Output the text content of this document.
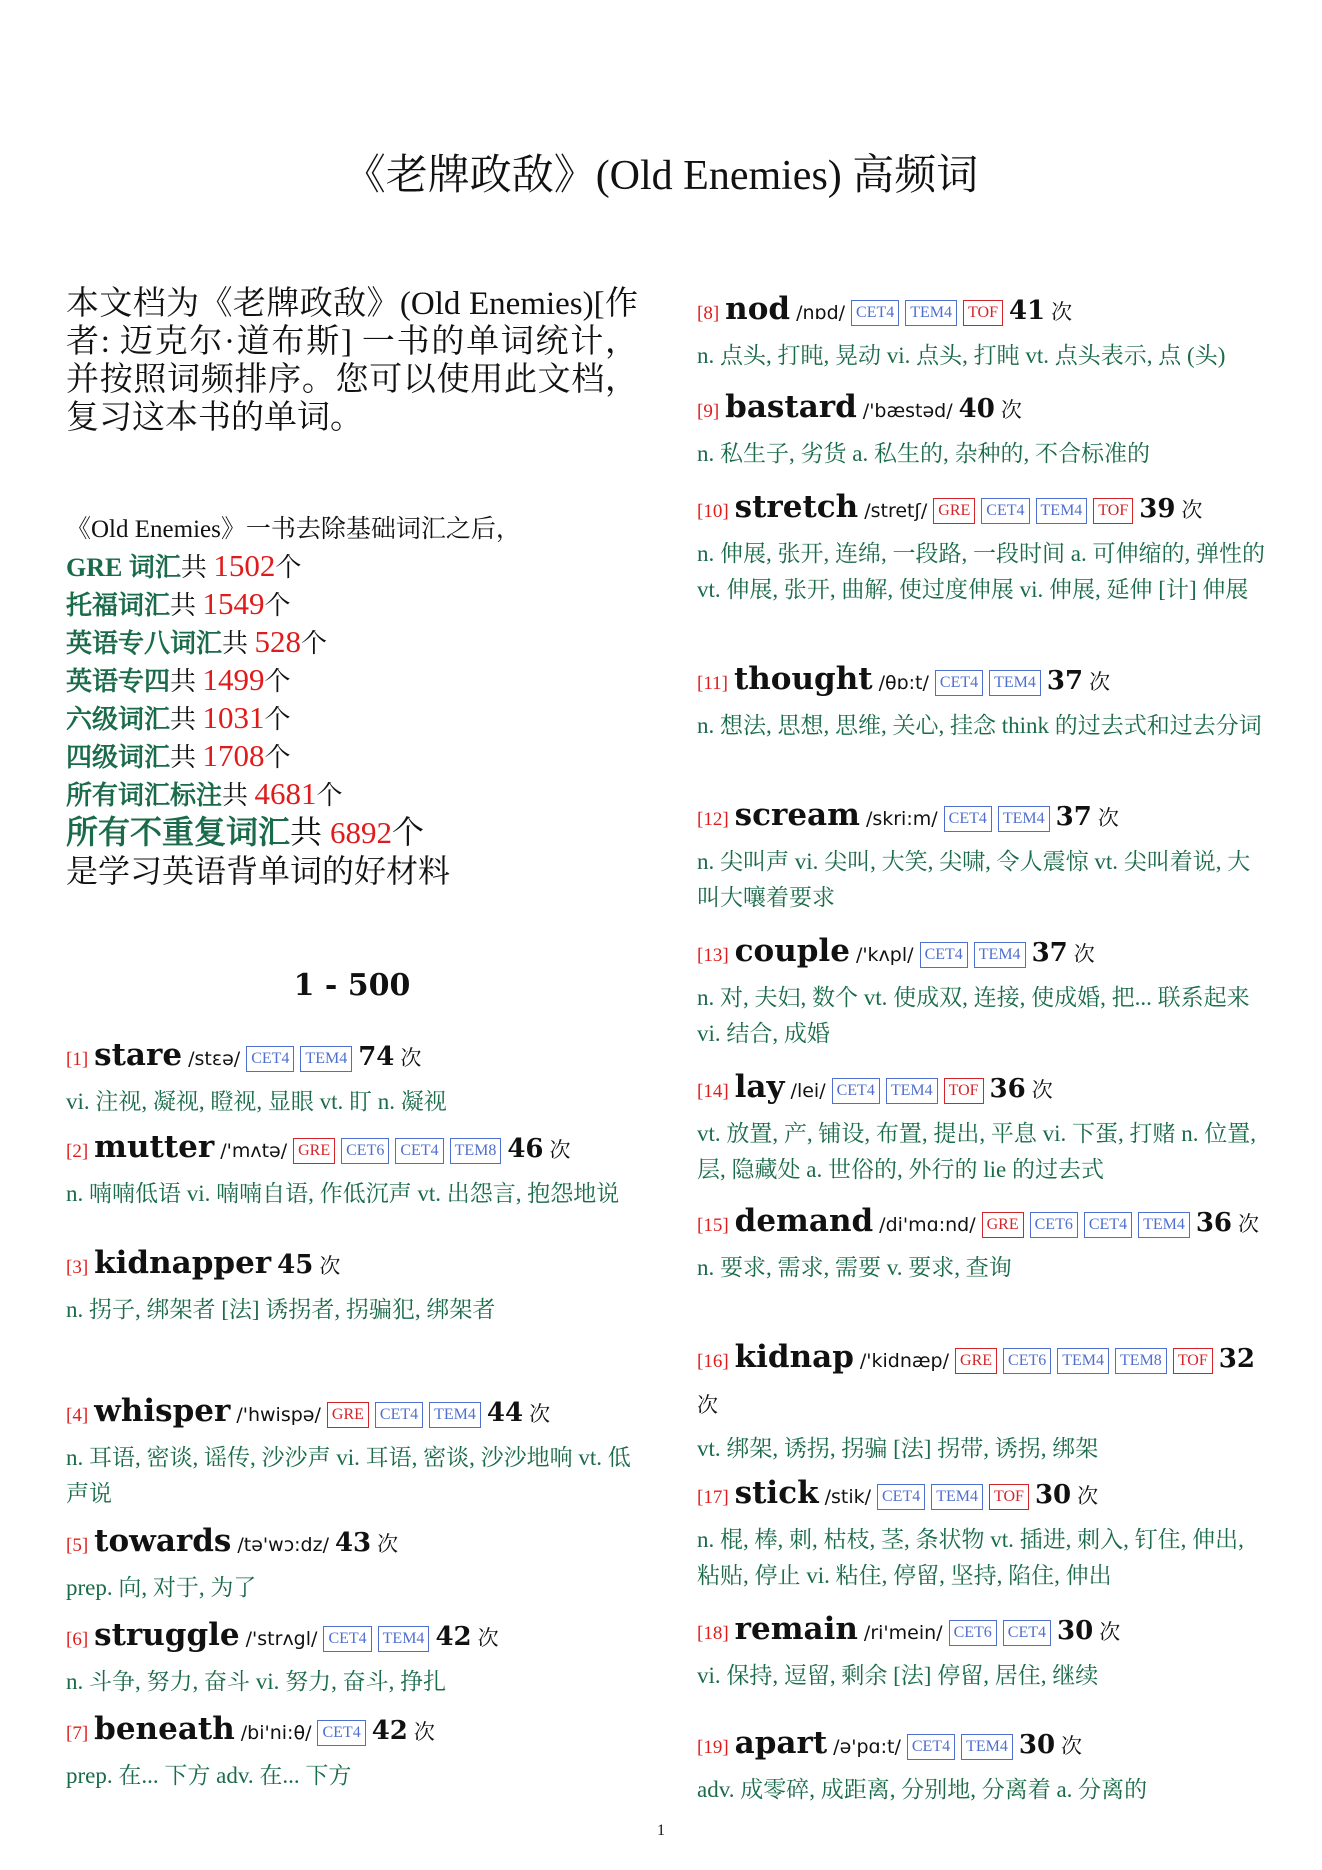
《老牌政敌》(Old Enemies) 高频词
本文档为《老牌政敌》(Old Enemies)[作者: 迈克尔·道布斯] 一书的单词统计，并按照词频排序。您可以使用此文档，复习这本书的单词。
《Old Enemies》一书去除基础词汇之后，
GRE 词汇共 1502个
托福词汇共 1549个
英语专八词汇共 528个
英语专四共 1499个
六级词汇共 1031个
四级词汇共 1708个
所有词汇标注共 4681个
所有不重复词汇共 6892个
是学习英语背单词的好材料
1 - 500
[1] stare /stɛə/ CET4 TEM4 74 次
vi. 注视, 凝视, 瞪视, 显眼 vt. 盯 n. 凝视
[2] mutter /'mʌtə/ GRE CET6 CET4 TEM8 46 次
n. 喃喃低语 vi. 喃喃自语, 作低沉声 vt. 出怨言, 抱怨地说
[3] kidnapper 45 次
n. 拐子, 绑架者 [法] 诱拐者, 拐骗犯, 绑架者
[4] whisper /'hwispə/ GRE CET4 TEM4 44 次
n. 耳语, 密谈, 谣传, 沙沙声 vi. 耳语, 密谈, 沙沙地响 vt. 低声说
[5] towards /tə'wɔ:dz/ 43 次
prep. 向, 对于, 为了
[6] struggle /'strʌgl/ CET4 TEM4 42 次
n. 斗争, 努力, 奋斗 vi. 努力, 奋斗, 挣扎
[7] beneath /bi'ni:θ/ CET4 42 次
prep. 在... 下方 adv. 在... 下方
[8] nod /nɒd/ CET4 TEM4 TOF 41 次
n. 点头, 打盹, 晃动 vi. 点头, 打盹 vt. 点头表示, 点 (头)
[9] bastard /'bæstəd/ 40 次
n. 私生子, 劣货 a. 私生的, 杂种的, 不合标准的
[10] stretch /stretʃ/ GRE CET4 TEM4 TOF 39 次
n. 伸展, 张开, 连绵, 一段路, 一段时间 a. 可伸缩的, 弹性的 vt. 伸展, 张开, 曲解, 使过度伸展 vi. 伸展, 延伸 [计] 伸展
[11] thought /θɒ:t/ CET4 TEM4 37 次
n. 想法, 思想, 思维, 关心, 挂念 think 的过去式和过去分词
[12] scream /skri:m/ CET4 TEM4 37 次
n. 尖叫声 vi. 尖叫, 大笑, 尖啸, 令人震惊 vt. 尖叫着说, 大叫大嚷着要求
[13] couple /'kʌpl/ CET4 TEM4 37 次
n. 对, 夫妇, 数个 vt. 使成双, 连接, 使成婚, 把... 联系起来 vi. 结合, 成婚
[14] lay /lei/ CET4 TEM4 TOF 36 次
vt. 放置, 产, 铺设, 布置, 提出, 平息 vi. 下蛋, 打赌 n. 位置, 层, 隐藏处 a. 世俗的, 外行的 lie 的过去式
[15] demand /di'mɑ:nd/ GRE CET6 CET4 TEM4 36 次
n. 要求, 需求, 需要 v. 要求, 查询
[16] kidnap /'kidnæp/ GRE CET6 TEM4 TEM8 TOF 32次
vt. 绑架, 诱拐, 拐骗 [法] 拐带, 诱拐, 绑架
[17] stick /stik/ CET4 TEM4 TOF 30 次
n. 棍, 棒, 刺, 枯枝, 茎, 条状物 vt. 插进, 刺入, 钉住, 伸出, 粘贴, 停止 vi. 粘住, 停留, 坚持, 陷住, 伸出
[18] remain /ri'mein/ CET6 CET4 30 次
vi. 保持, 逗留, 剩余 [法] 停留, 居住, 继续
[19] apart /ə'pɑ:t/ CET4 TEM4 30 次
adv. 成零碎, 成距离, 分别地, 分离着 a. 分离的
1
